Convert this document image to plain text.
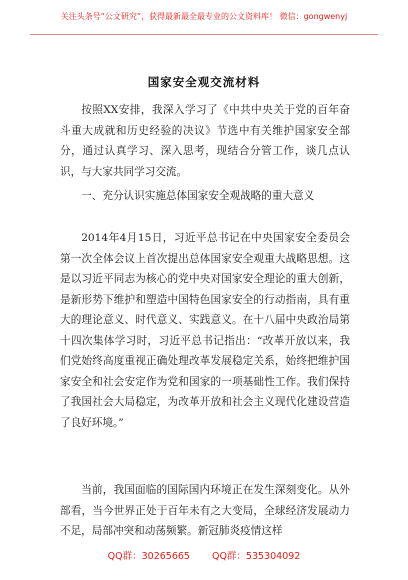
关注头条号“公文研究”，获得最新最全最专业的公文资料库！ 微信：gongwenyj
国家安全观交流材料

按照XX安排，我深入学习了《中共中央关于党的百年奋斗重大成就和历史经验的决议》节选中有关维护国家安全部分，通过认真学习、深入思考，现结合分管工作，谈几点认识，与大家共同学习交流。

一、充分认识实施总体国家安全观战略的重大意义

2014年4月15日，习近平总书记在中央国家安全委员会第一次全体会议上首次提出总体国家安全观重大战略思想。这是以习近平同志为核心的党中央对国家安全理论的重大创新，是新形势下维护和塑造中国特色国家安全的行动指南，具有重大的理论意义、时代意义、实践意义。在十八届中央政治局第十四次集体学习时，习近平总书记指出：“改革开放以来，我们党始终高度重视正确处理改革发展稳定关系，始终把维护国家安全和社会安定作为党和国家的一项基础性工作。我们保持了我国社会大局稳定，为改革开放和社会主义现代化建设营造了良好环境。”

当前，我国面临的国际国内环境正在发生深刻变化。从外部看，当今世界正处于百年未有之大变局，全球经济发展动力不足，局部冲突和动荡频繁。新冠肺炎疫情这样

QQ群：30265665 QQ群：535304092
